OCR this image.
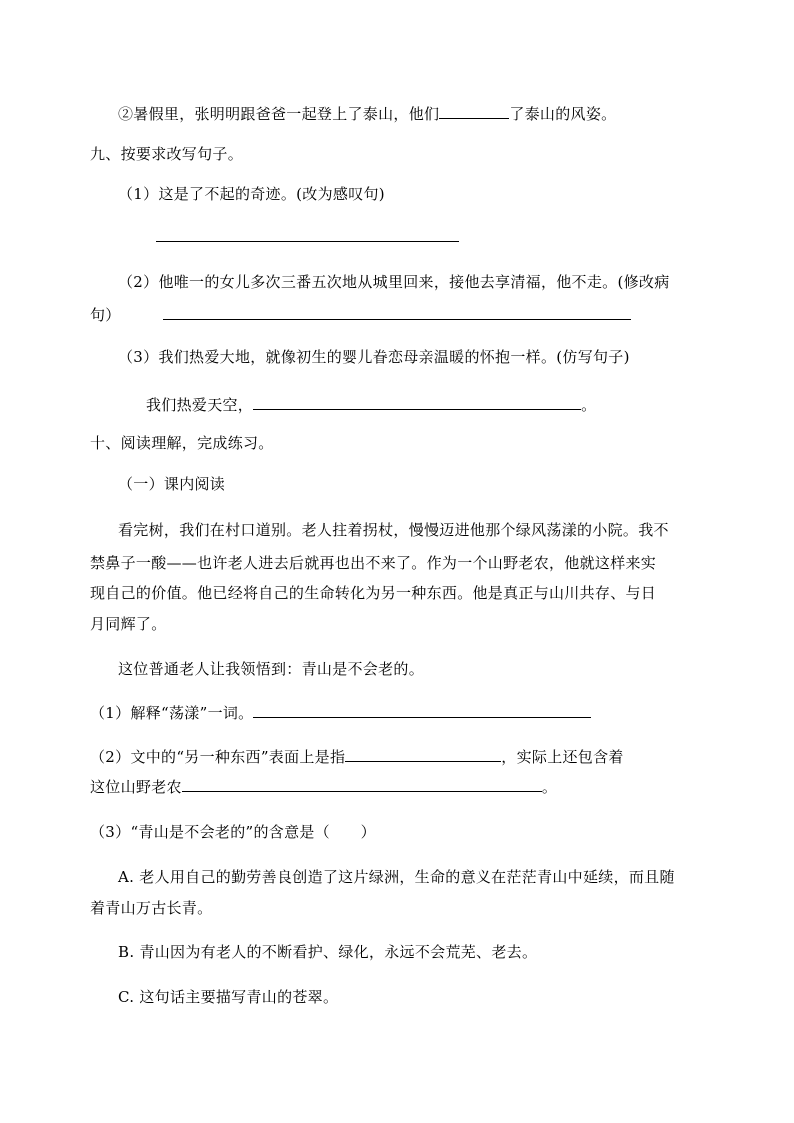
②暑假里，张明明跟爸爸一起登上了泰山，他们	了泰山的风姿。
九、按要求改写句子。
（1）这是了不起的奇迹。(改为感叹句)
（2）他唯一的女儿多次三番五次地从城里回来，接他去享清福，他不走。(修改病
句）
（3）我们热爱大地，就像初生的婴儿眷恋母亲温暖的怀抱一样。(仿写句子)
我们热爱天空，	。
十、阅读理解，完成练习。
（一）课内阅读
看完树，我们在村口道别。老人拄着拐杖，慢慢迈进他那个绿风荡漾的小院。我不
禁鼻子一酸——也许老人进去后就再也出不来了。作为一个山野老农，他就这样来实
现自己的价值。他已经将自己的生命转化为另一种东西。他是真正与山川共存、与日
月同辉了。
这位普通老人让我领悟到：青山是不会老的。
（1）解释“荡漾”一词。
（2）文中的“另一种东西”表面上是指	，实际上还包含着
这位山野老农	。
（3）“青山是不会老的”的含意是（　　）
A. 老人用自己的勤劳善良创造了这片绿洲，生命的意义在茫茫青山中延续，而且随
着青山万古长青。
B. 青山因为有老人的不断看护、绿化，永远不会荒芜、老去。
C. 这句话主要描写青山的苍翠。
